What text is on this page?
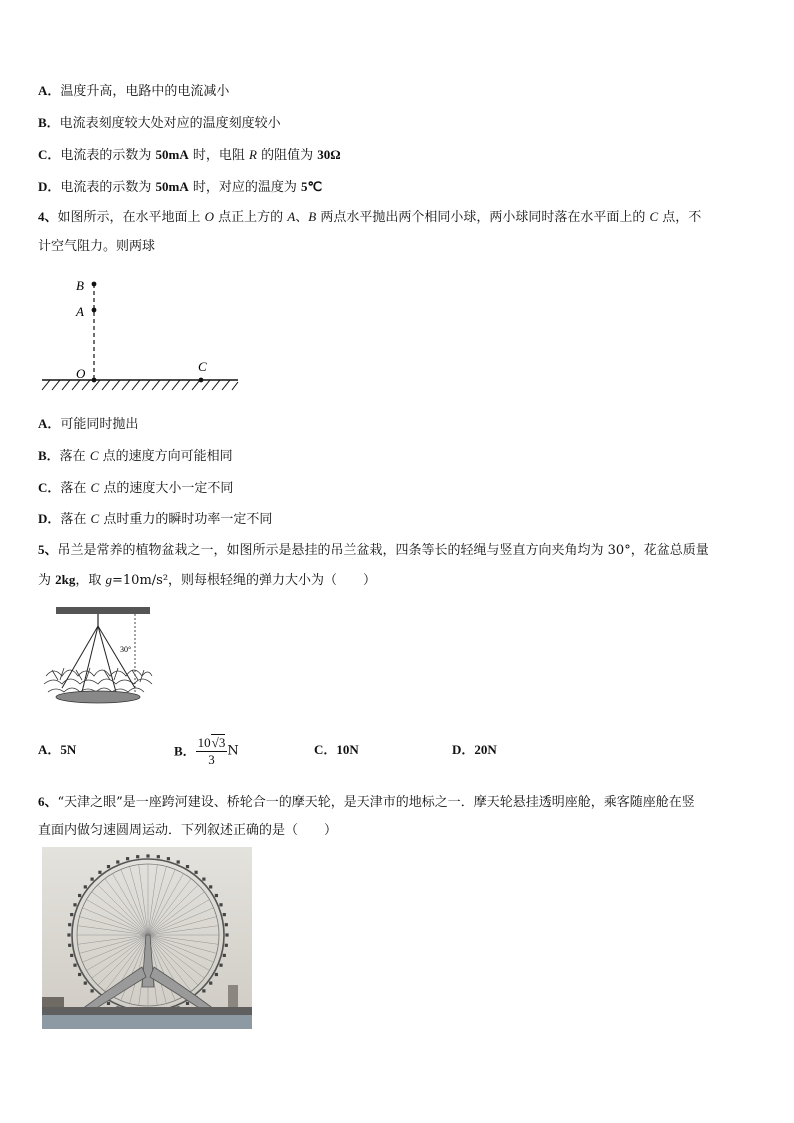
A．温度升高，电路中的电流减小
B．电流表刻度较大处对应的温度刻度较小
C．电流表的示数为 50mA 时，电阻 R 的阻值为 30Ω
D．电流表的示数为 50mA 时，对应的温度为 5℃
4、如图所示，在水平地面上 O 点正上方的 A、B 两点水平抛出两个相同小球，两小球同时落在水平面上的 C 点，不
计空气阻力。则两球
B
A
O	C
A．可能同时抛出
B．落在 C 点的速度方向可能相同
C．落在 C 点的速度大小一定不同
D．落在 C 点时重力的瞬时功率一定不同
5、吊兰是常养的植物盆栽之一，如图所示是悬挂的吊兰盆栽，四条等长的轻绳与竖直方向夹角均为 30°，花盆总质量
为 2kg，取 g=10m/s²，则每根轻绳的弹力大小为（　　）
30°
A．5N	B． $\frac{10√3}{3}$ N	C．10N	D．20N
6、“天津之眼”是一座跨河建设、桥轮合一的摩天轮，是天津市的地标之一．摩天轮悬挂透明座舱，乘客随座舱在竖
直面内做匀速圆周运动．下列叙述正确的是（　　）
